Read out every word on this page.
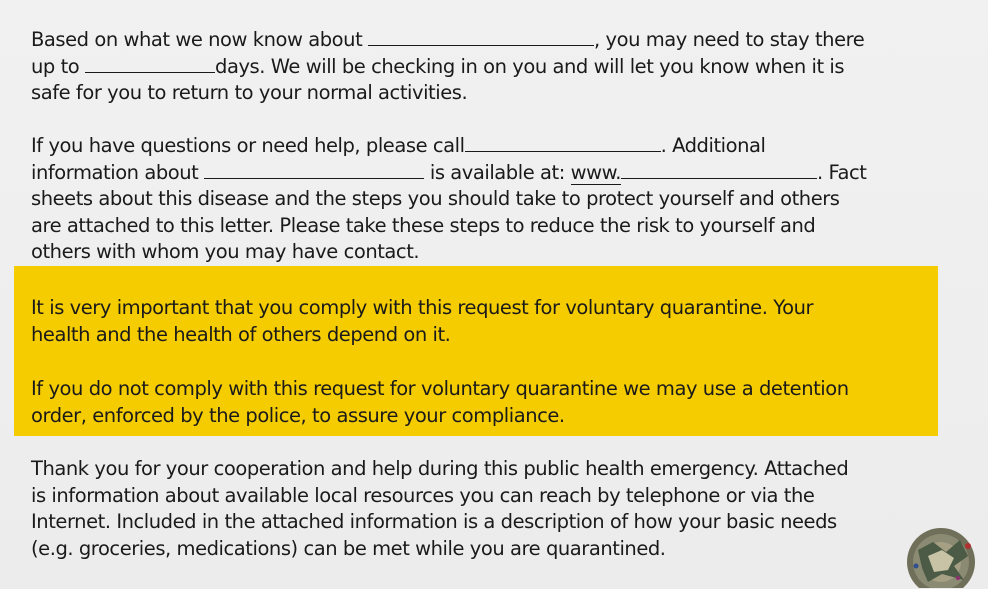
Based on what we now know about	, you may need to stay there
up to	days. We will be checking in on you and will let you know when it is
safe for you to return to your normal activities.
If you have questions or need help, please call	. Additional
information about	is available at: www.	. Fact
sheets about this disease and the steps you should take to protect yourself and others
are attached to this letter. Please take these steps to reduce the risk to yourself and
others with whom you may have contact.
It is very important that you comply with this request for voluntary quarantine. Your
health and the health of others depend on it.
If you do not comply with this request for voluntary quarantine we may use a detention
order, enforced by the police, to assure your compliance.
Thank you for your cooperation and help during this public health emergency. Attached
is information about available local resources you can reach by telephone or via the
Internet. Included in the attached information is a description of how your basic needs
(e.g. groceries, medications) can be met while you are quarantined.
